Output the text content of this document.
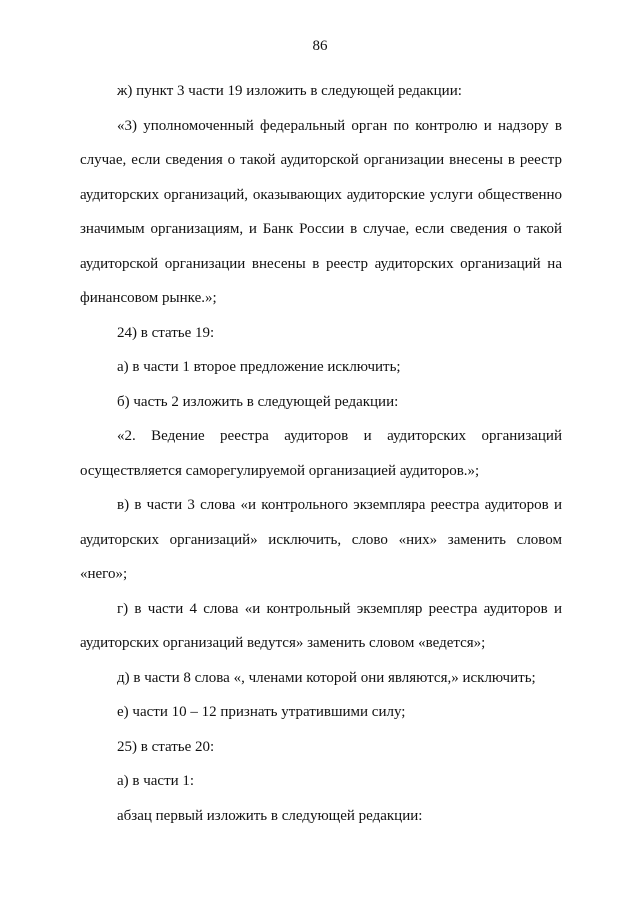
86

ж) пункт 3 части 19 изложить в следующей редакции:

«3) уполномоченный федеральный орган по контролю и надзору в случае, если сведения о такой аудиторской организации внесены в реестр аудиторских организаций, оказывающих аудиторские услуги общественно значимым организациям, и Банк России в случае, если сведения о такой аудиторской организации внесены в реестр аудиторских организаций на финансовом рынке.»;

24) в статье 19:

а) в части 1 второе предложение исключить;

б) часть 2 изложить в следующей редакции:

«2. Ведение реестра аудиторов и аудиторских организаций осуществляется саморегулируемой организацией аудиторов.»;

в) в части 3 слова «и контрольного экземпляра реестра аудиторов и аудиторских организаций» исключить, слово «них» заменить словом «него»;

г) в части 4 слова «и контрольный экземпляр реестра аудиторов и аудиторских организаций ведутся» заменить словом «ведется»;

д) в части 8 слова «, членами которой они являются,» исключить;

е) части 10 – 12 признать утратившими силу;

25) в статье 20:

а) в части 1:

абзац первый изложить в следующей редакции:
